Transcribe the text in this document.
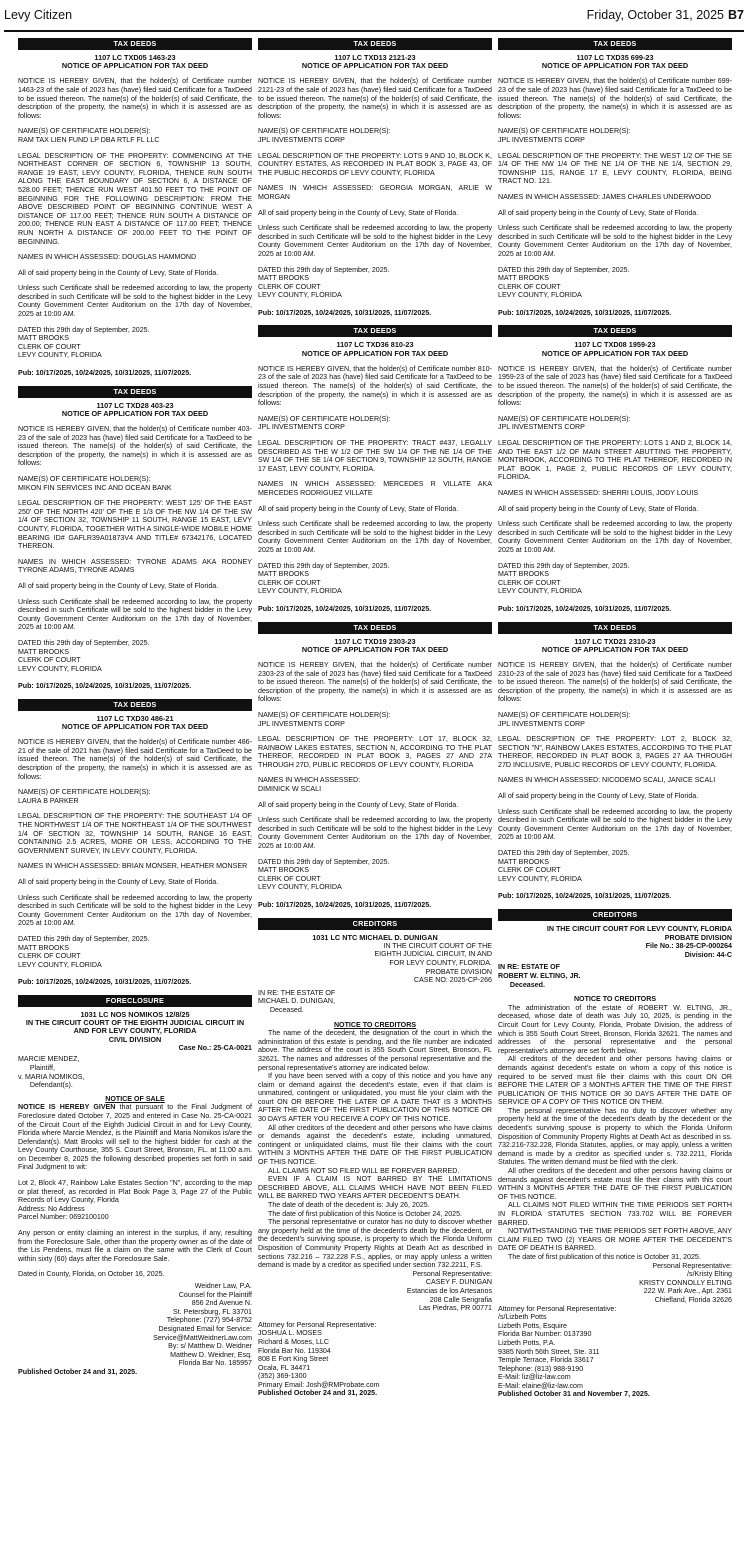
Levy Citizen	Friday, October 31, 2025 B7
TAX DEEDS
1107 LC TXD05 1463-23
NOTICE OF APPLICATION FOR TAX DEED

NOTICE IS HEREBY GIVEN, that the holder(s) of Certificate number 1463-23 of the sale of 2023 has (have) filed said Certificate for a TaxDeed to be issued thereon. The name(s) of the holder(s) of said Certificate, the description of the property, the name(s) in which it is assessed are as follows:

NAME(S) OF CERTIFICATE HOLDER(S):
RAM TAX LIEN FUND LP DBA RTLF FL LLC

LEGAL DESCRIPTION OF THE PROPERTY: COMMENCING AT THE NORTHEAST CORNER OF SECTION 6, TOWNSHIP 13 SOUTH, RANGE 19 EAST, LEVY COUNTY, FLORIDA, THENCE RUN SOUTH ALONG THE EAST BOUNDARY OF SECTION 6, A DISTANCE OF 528.00 FEET; THENCE RUN WEST 401.50 FEET TO THE POINT OF BEGINNING FOR THE FOLLOWING DESCRIPTION: FROM THE ABOVE DESCRIBED POINT OF BEGINNING CONTINUE WEST A DISTANCE OF 117.00 FEET; THENCE RUN SOUTH A DISTANCE OF 200.00; THENCE RUN EAST A DISTANCE OF 117.00 FEET; THENCE RUN NORTH A DISTANCE OF 200.00 FEET TO THE POINT OF BEGINNING.

NAMES IN WHICH ASSESSED: DOUGLAS HAMMOND

All of said property being in the County of Levy, State of Florida.

Unless such Certificate shall be redeemed according to law, the property described in such Certificate will be sold to the highest bidder in the Levy County Government Center Auditorium on the 17th day of November, 2025 at 10:00 AM.

DATED this 29th day of September, 2025.

MATT BROOKS

CLERK OF COURT

LEVY COUNTY, FLORIDA

Pub: 10/17/2025, 10/24/2025, 10/31/2025, 11/07/2025.

TAX DEEDS
1107 LC TXD28 403-23
NOTICE OF APPLICATION FOR TAX DEED

NOTICE IS HEREBY GIVEN, that the holder(s) of Certificate number 403-23 of the sale of 2023 has (have) filed said Certificate for a TaxDeed to be issued thereon. The name(s) of the holder(s) of said Certificate, the description of the property, the name(s) in which it is assessed are as follows:

NAME(S) OF CERTIFICATE HOLDER(S):
MIKON FIN SERVICES INC AND OCEAN BANK

LEGAL DESCRIPTION OF THE PROPERTY: WEST 125' OF THE EAST 250' OF THE NORTH 420' OF THE E 1/3 OF THE NW 1/4 OF THE SW 1/4 OF SECTION 32, TOWNSHIP 11 SOUTH, RANGE 15 EAST, LEVY COUNTY, FLORIDA, TOGETHER WITH A SINGLE-WIDE MOBILE HOME BEARING ID# GAFLR39A01873V4 AND TITLE# 67342176, LOCATED THEREON.

NAMES IN WHICH ASSESSED: TYRONE ADAMS AKA RODNEY TYRONE ADAMS, TYRONE ADAMS

All of said property being in the County of Levy, State of Florida.

Unless such Certificate shall be redeemed according to law, the property described in such Certificate will be sold to the highest bidder in the Levy County Government Center Auditorium on the 17th day of November, 2025 at 10:00 AM.

DATED this 29th day of September, 2025.

MATT BROOKS

CLERK OF COURT

LEVY COUNTY, FLORIDA

Pub: 10/17/2025, 10/24/2025, 10/31/2025, 11/07/2025.

TAX DEEDS
1107 LC TXD30 486-21
NOTICE OF APPLICATION FOR TAX DEED

NOTICE IS HEREBY GIVEN, that the holder(s) of Certificate number 486-21 of the sale of 2021 has (have) filed said Certificate for a TaxDeed to be issued thereon. The name(s) of the holder(s) of said Certificate, the description of the property, the name(s) in which it is assessed are as follows:

NAME(S) OF CERTIFICATE HOLDER(S):
LAURA B PARKER

LEGAL DESCRIPTION OF THE PROPERTY: THE SOUTHEAST 1/4 OF THE NORTHWEST 1/4 OF THE NORTHEAST 1/4 OF THE SOUTHWEST 1/4 OF SECTION 32, TOWNSHIP 14 SOUTH, RANGE 16 EAST, CONTAINING 2.5 ACRES, MORE OR LESS, ACCORDING TO THE GOVERNMENT SURVEY, IN LEVY COUNTY, FLORIDA.

NAMES IN WHICH ASSESSED: BRIAN MONSER, HEATHER MONSER

All of said property being in the County of Levy, State of Florida.

Unless such Certificate shall be redeemed according to law, the property described in such Certificate will be sold to the highest bidder in the Levy County Government Center Auditorium on the 17th day of November, 2025 at 10:00 AM.

DATED this 29th day of September, 2025.

MATT BROOKS

CLERK OF COURT

LEVY COUNTY, FLORIDA

Pub: 10/17/2025, 10/24/2025, 10/31/2025, 11/07/2025.

FORECLOSURE
1031 LC NOS NOMIKOS 12/8/25
IN THE CIRCUIT COURT OF THE EIGHTH JUDICIAL CIRCUIT IN AND FOR LEVY COUNTY, FLORIDA
CIVIL DIVISION
Case No.: 25-CA-0021

MARCIE MENDEZ,
Plaintiff,
v. MARIA NOMIKOS,
Defendant(s).

NOTICE OF SALE

NOTICE IS HEREBY GIVEN that pursuant to the Final Judgment of Foreclosure dated October 7, 2025 and entered in Case No. 25-CA-0021 of the Circuit Court of the Eighth Judicial Circuit in and for Levy County, Florida where Marcie Mendez, is the Plaintiff and Maria Nomikos is/are the Defendant(s). Matt Brooks will sell to the highest bidder for cash at the Levy County Courthouse, 355 S. Court Street, Bronson, FL. at 11:00 a.m. on December 8, 2025 the following described properties set forth in said Final Judgment to wit:

Lot 2, Block 47, Rainbow Lake Estates Section "N", according to the map or plat thereof, as recorded in Plat Book Page 3, Page 27 of the Public Records of Levy County, Florida
Address: No Address
Parcel Number: 0692100100

Any person or entity claiming an interest in the surplus, if any, resulting from the Foreclosure Sale, other than the property owner as of the date of the Lis Pendens, must file a claim on the same with the Clerk of Court within sixty (60) days after the Foreclosure Sale.

Dated in County, Florida, on October 16, 2025.

Weidner Law, P.A.
Counsel for the Plaintiff
856 2nd Avenue N.
St. Petersburg, FL 33701
Telephone: (727) 954-8752
Designated Email for Service:
Service@MattWeidnerLaw.com
By: s/ Matthew D. Weidner
Matthew D. Weidner, Esq.
Florida Bar No. 185957

Published October 24 and 31, 2025.

TAX DEEDS
1107 LC TXD13 2121-23
NOTICE OF APPLICATION FOR TAX DEED

NOTICE IS HEREBY GIVEN, that the holder(s) of Certificate number 2121-23 of the sale of 2023 has (have) filed said Certificate for a TaxDeed to be issued thereon. The name(s) of the holder(s) of said Certificate, the description of the property, the name(s) in which it is assessed are as follows:

NAME(S) OF CERTIFICATE HOLDER(S):
JPL INVESTMENTS CORP

LEGAL DESCRIPTION OF THE PROPERTY: LOTS 9 AND 10, BLOCK K, COUNTRY ESTATES, AS RECORDED IN PLAT BOOK 3, PAGE 43, OF THE PUBLIC RECORDS OF LEVY COUNTY, FLORIDA

NAMES IN WHICH ASSESSED: GEORGIA MORGAN, ARLIE W MORGAN

All of said property being in the County of Levy, State of Florida.

Unless such Certificate shall be redeemed according to law, the property described in such Certificate will be sold to the highest bidder in the Levy County Government Center Auditorium on the 17th day of November, 2025 at 10:00 AM.

DATED this 29th day of September, 2025.

MATT BROOKS

CLERK OF COURT

LEVY COUNTY, FLORIDA

Pub: 10/17/2025, 10/24/2025, 10/31/2025, 11/07/2025.

TAX DEEDS
1107 LC TXD36 810-23
NOTICE OF APPLICATION FOR TAX DEED

NOTICE IS HEREBY GIVEN, that the holder(s) of Certificate number 810-23 of the sale of 2023 has (have) filed said Certificate for a TaxDeed to be issued thereon. The name(s) of the holder(s) of said Certificate, the description of the property, the name(s) in which it is assessed are as follows:

NAME(S) OF CERTIFICATE HOLDER(S):
JPL INVESTMENTS CORP

LEGAL DESCRIPTION OF THE PROPERTY: TRACT #437, LEGALLY DESCRIBED AS THE W 1/2 OF THE SW 1/4 OF THE NE 1/4 OF THE SW 1/4 OF THE SE 1/4 OF SECTION 9, TOWNSHIP 12 SOUTH, RANGE 17 EAST, LEVY COUNTY, FLORIDA.

NAMES IN WHICH ASSESSED: MERCEDES R VILLATE AKA MERCEDES RODRIGUEZ VILLATE

All of said property being in the County of Levy, State of Florida.

Unless such Certificate shall be redeemed according to law, the property described in such Certificate will be sold to the highest bidder in the Levy County Government Center Auditorium on the 17th day of November, 2025 at 10:00 AM.

DATED this 29th day of September, 2025.

MATT BROOKS

CLERK OF COURT

LEVY COUNTY, FLORIDA

Pub: 10/17/2025, 10/24/2025, 10/31/2025, 11/07/2025.

TAX DEEDS
1107 LC TXD19 2303-23
NOTICE OF APPLICATION FOR TAX DEED

NOTICE IS HEREBY GIVEN, that the holder(s) of Certificate number 2303-23 of the sale of 2023 has (have) filed said Certificate for a TaxDeed to be issued thereon. The name(s) of the holder(s) of said Certificate, the description of the property, the name(s) in which it is assessed are as follows:

NAME(S) OF CERTIFICATE HOLDER(S):
JPL INVESTMENTS CORP

LEGAL DESCRIPTION OF THE PROPERTY: LOT 17, BLOCK 32, RAINBOW LAKES ESTATES, SECTION N, ACCORDING TO THE PLAT THEREOF, RECORDED IN PLAT BOOK 3, PAGES 27 AND 27A THROUGH 27D, PUBLIC RECORDS OF LEVY COUNTY, FLORIDA

NAMES IN WHICH ASSESSED:
DIMINICK W SCALI

All of said property being in the County of Levy, State of Florida.

Unless such Certificate shall be redeemed according to law, the property described in such Certificate will be sold to the highest bidder in the Levy County Government Center Auditorium on the 17th day of November, 2025 at 10:00 AM.

DATED this 29th day of September, 2025.

MATT BROOKS

CLERK OF COURT

LEVY COUNTY, FLORIDA

Pub: 10/17/2025, 10/24/2025, 10/31/2025, 11/07/2025.

CREDITORS
1031 LC NTC MICHAEL D. DUNIGAN
IN THE CIRCUIT COURT OF THE
EIGHTH JUDICIAL CIRCUIT, IN AND
FOR LEVY COUNTY, FLORIDA.
PROBATE DIVISION
CASE NO: 2025-CP-266

IN RE: THE ESTATE OF
MICHAEL D. DUNIGAN,
Deceased.

NOTICE TO CREDITORS

The name of the decedent, the designation of the court in which the administration of this estate is pending, and the file number are indicated above. The address of the court is 355 South Court Street, Bronson, FL 32621. The names and addresses of the personal representative and the personal representative's attorney are indicated below.

If you have been served with a copy of this notice and you have any claim or demand against the decedent's estate, even if that claim is unmatured, contingent or unliquidated, you must file your claim with the court ON OR BEFORE THE LATER OF A DATE THAT IS 3 MONTHS AFTER THE DATE OF THE FIRST PUBLICATION OF THIS NOTICE OR 30 DAYS AFTER YOU RECEIVE A COPY OF THIS NOTICE.

All other creditors of the decedent and other persons who have claims or demands against the decedent's estate, including unmatured, contingent or unliquidated claims, must file their claims with the court WITHIN 3 MONTHS AFTER THE DATE OF THE FIRST PUBLICATION OF THIS NOTICE.

ALL CLAIMS NOT SO FILED WILL BE FOREVER BARRED.

EVEN IF A CLAIM IS NOT BARRED BY THE LIMITATIONS DESCRIBED ABOVE, ALL CLAIMS WHICH HAVE NOT BEEN FILED WILL BE BARRED TWO YEARS AFTER DECEDENT'S DEATH.

The date of death of the decedent is: July 26, 2025.

The date of first publication of this Notice is October 24, 2025.

The personal representative or curator has no duty to discover whether any property held at the time of the decedent's death by the decedent, or the decedent's surviving spouse, is property to which the Florida Uniform Disposition of Community Property Rights at Death Act as described in sections 732.216 – 732.228 F.S., applies, or may apply unless a written demand is made by a creditor as specified under section 732.2211, F.S.

Personal Representative:
CASEY F. DUNIGAN
Estancias de los Artesanos
208 Calle Serigrafia
Las Piedras, PR 00771

Attorney for Personal Representative:
JOSHUA L. MOSES
Richard & Moses, LLC
Florida Bar No. 119304
808 E Fort King Street
Ocala, FL 34471
(352) 369-1300
Primary Email: Josh@RMProbate.com

Published October 24 and 31, 2025.

TAX DEEDS
1107 LC TXD35 699-23
NOTICE OF APPLICATION FOR TAX DEED

NOTICE IS HEREBY GIVEN, that the holder(s) of Certificate number 699-23 of the sale of 2023 has (have) filed said Certificate for a TaxDeed to be issued thereon. The name(s) of the holder(s) of said Certificate, the description of the property, the name(s) in which it is assessed are as follows:

NAME(S) OF CERTIFICATE HOLDER(S):
JPL INVESTMENTS CORP

LEGAL DESCRIPTION OF THE PROPERTY: THE WEST 1/2 OF THE SE 1/4 OF THE NW 1/4 OF THE NE 1/4 OF THE NE 1/4, SECTION 29, TOWNSHIP 11S, RANGE 17 E, LEVY COUNTY, FLORIDA, BEING TRACT NO. 121.

NAMES IN WHICH ASSESSED: JAMES CHARLES UNDERWOOD

All of said property being in the County of Levy, State of Florida.

Unless such Certificate shall be redeemed according to law, the property described in such Certificate will be sold to the highest bidder in the Levy County Government Center Auditorium on the 17th day of November, 2025 at 10:00 AM.

DATED this 29th day of September, 2025.

MATT BROOKS

CLERK OF COURT

LEVY COUNTY, FLORIDA

Pub: 10/17/2025, 10/24/2025, 10/31/2025, 11/07/2025.

TAX DEEDS
1107 LC TXD08 1959-23
NOTICE OF APPLICATION FOR TAX DEED

NOTICE IS HEREBY GIVEN, that the holder(s) of Certificate number 1959-23 of the sale of 2023 has (have) filed said Certificate for a TaxDeed to be issued thereon. The name(s) of the holder(s) of said Certificate, the description of the property, the name(s) in which it is assessed are as follows:

NAME(S) OF CERTIFICATE HOLDER(S):
JPL INVESTMENTS CORP

LEGAL DESCRIPTION OF THE PROPERTY: LOTS 1 AND 2, BLOCK 14, AND THE EAST 1/2 OF MAIN STREET ABUTTING THE PROPERTY, MONTBROOK, ACCORDING TO THE PLAT THEREOF, RECORDED IN PLAT BOOK 1, PAGE 2, PUBLIC RECORDS OF LEVY COUNTY, FLORIDA.

NAMES IN WHICH ASSESSED: SHERRI LOUIS, JODY LOUIS

All of said property being in the County of Levy, State of Florida.

Unless such Certificate shall be redeemed according to law, the property described in such Certificate will be sold to the highest bidder in the Levy County Government Center Auditorium on the 17th day of November, 2025 at 10:00 AM.

DATED this 29th day of September, 2025.

MATT BROOKS

CLERK OF COURT

LEVY COUNTY, FLORIDA

Pub: 10/17/2025, 10/24/2025, 10/31/2025, 11/07/2025.

TAX DEEDS
1107 LC TXD21 2310-23
NOTICE OF APPLICATION FOR TAX DEED

NOTICE IS HEREBY GIVEN, that the holder(s) of Certificate number 2310-23 of the sale of 2023 has (have) filed said Certificate for a TaxDeed to be issued thereon. The name(s) of the holder(s) of said Certificate, the description of the property, the name(s) in which it is assessed are as follows:

NAME(S) OF CERTIFICATE HOLDER(S):
JPL INVESTMENTS CORP

LEGAL DESCRIPTION OF THE PROPERTY: LOT 2, BLOCK 32, SECTION "N", RAINBOW LAKES ESTATES, ACCORDING TO THE PLAT THEREOF, RECORDED IN PLAT BOOK 3, PAGES 27 AA THROUGH 27D INCLUSIVE, PUBLIC RECORDS OF LEVY COUNTY, FLORIDA.

NAMES IN WHICH ASSESSED: NICODEMO SCALI, JANICE SCALI

All of said property being in the County of Levy, State of Florida.

Unless such Certificate shall be redeemed according to law, the property described in such Certificate will be sold to the highest bidder in the Levy County Government Center Auditorium on the 17th day of November, 2025 at 10:00 AM.

DATED this 29th day of September, 2025.

MATT BROOKS

CLERK OF COURT

LEVY COUNTY, FLORIDA

Pub: 10/17/2025, 10/24/2025, 10/31/2025, 11/07/2025.

CREDITORS
IN THE CIRCUIT COURT FOR LEVY COUNTY, FLORIDA
PROBATE DIVISION
File No.: 38-25-CP-000264
Division: 44-C

IN RE: ESTATE OF
ROBERT W. ELTING, JR.
Deceased.

NOTICE TO CREDITORS

The administration of the estate of ROBERT W. ELTING, JR., deceased, whose date of death was July 10, 2025, is pending in the Circuit Court for Levy County, Florida, Probate Division, the address of which is 355 South Court Street, Bronson, Florida 32621. The names and addresses of the personal representative and the personal representative's attorney are set forth below.

All creditors of the decedent and other persons having claims or demands against decedent's estate on whom a copy of this notice is required to be served must file their claims with this court ON OR BEFORE THE LATER OF 3 MONTHS AFTER THE TIME OF THE FIRST PUBLICATION OF THIS NOTICE OR 30 DAYS AFTER THE DATE OF SERVICE OF A COPY OF THIS NOTICE ON THEM.

The personal representative has no duty to discover whether any property held at the time of the decedent's death by the decedent or the decedent's surviving spouse is property to which the Florida Uniform Disposition of Community Property Rights at Death Act as described in ss. 732.216-732.228, Florida Statutes, applies, or may apply, unless a written demand is made by a creditor as specified under s. 732.2211, Florida Statutes. The written demand must be filed with the clerk.

All other creditors of the decedent and other persons having claims or demands against decedent's estate must file their claims with this court WITHIN 3 MONTHS AFTER THE DATE OF THE FIRST PUBLICATION OF THIS NOTICE.

ALL CLAIMS NOT FILED WITHIN THE TIME PERIODS SET FORTH IN FLORIDA STATUTES SECTION 733.702 WILL BE FOREVER BARRED.

NOTWITHSTANDING THE TIME PERIODS SET FORTH ABOVE, ANY CLAIM FILED TWO (2) YEARS OR MORE AFTER THE DECEDENT'S DATE OF DEATH IS BARRED.

The date of first publication of this notice is October 31, 2025.

Personal Representative:
/s/Kristy Elting
KRISTY CONNOLLY ELTING
222 W. Park Ave., Apt. 2361
Chiefland, Florida 32626

Attorney for Personal Representative:
/s/Lizbeth Potts
Lizbeth Potts, Esquire
Florida Bar Number: 0137390
Lizbeth Potts, P.A.
9385 North 56th Street, Ste. 311
Temple Terrace, Florida 33617
Telephone: (813) 988-9190
E-Mail: liz@liz-law.com
E-Mail: elaine@liz-law.com

Published October 31 and November 7, 2025.
